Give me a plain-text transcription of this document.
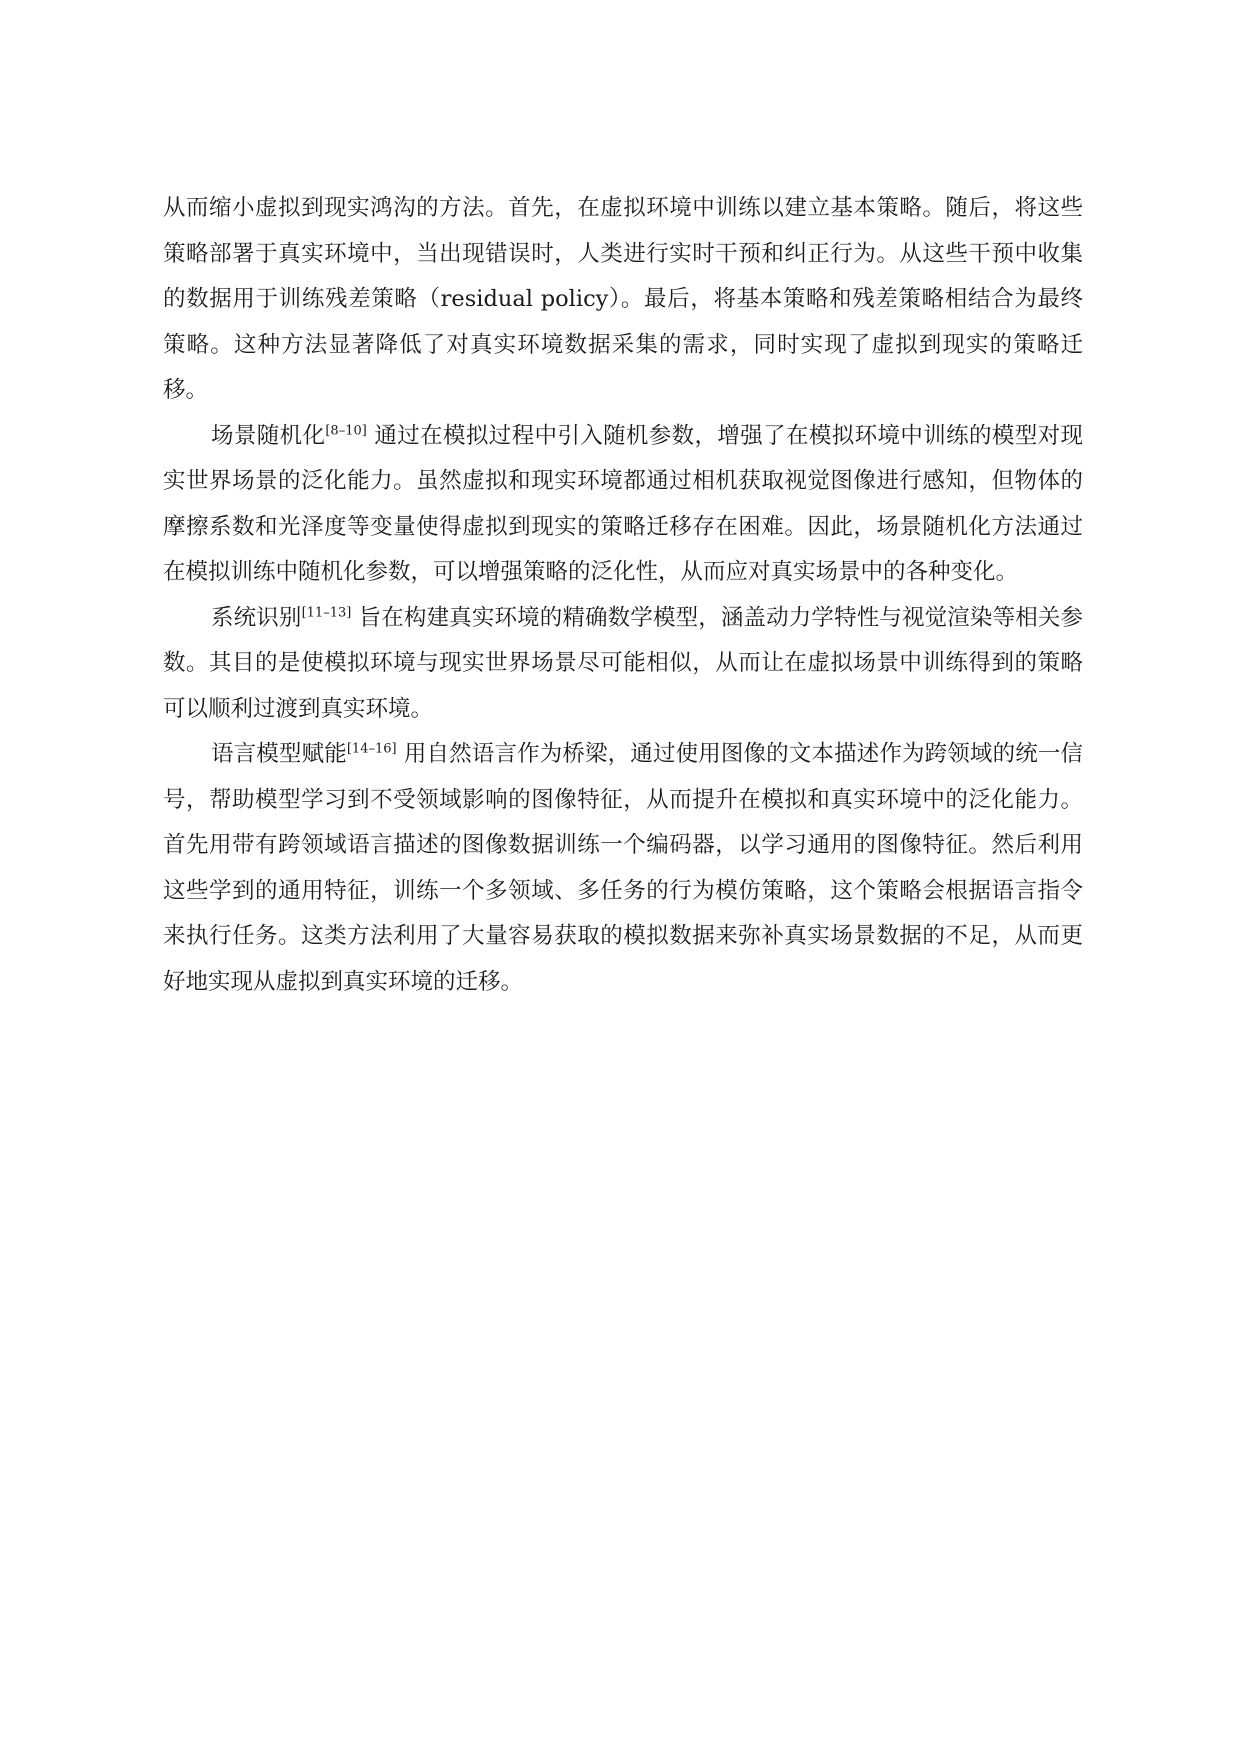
从而缩小虚拟到现实鸿沟的方法。首先，在虚拟环境中训练以建立基本策略。随后，将这些策略部署于真实环境中，当出现错误时，人类进行实时干预和纠正行为。从这些干预中收集的数据用于训练残差策略（residual policy）。最后，将基本策略和残差策略相结合为最终策略。这种方法显著降低了对真实环境数据采集的需求，同时实现了虚拟到现实的策略迁移。

场景随机化[8–10] 通过在模拟过程中引入随机参数，增强了在模拟环境中训练的模型对现实世界场景的泛化能力。虽然虚拟和现实环境都通过相机获取视觉图像进行感知，但物体的摩擦系数和光泽度等变量使得虚拟到现实的策略迁移存在困难。因此，场景随机化方法通过在模拟训练中随机化参数，可以增强策略的泛化性，从而应对真实场景中的各种变化。

系统识别[11–13] 旨在构建真实环境的精确数学模型，涵盖动力学特性与视觉渲染等相关参数。其目的是使模拟环境与现实世界场景尽可能相似，从而让在虚拟场景中训练得到的策略可以顺利过渡到真实环境。

语言模型赋能[14–16] 用自然语言作为桥梁，通过使用图像的文本描述作为跨领域的统一信号，帮助模型学习到不受领域影响的图像特征，从而提升在模拟和真实环境中的泛化能力。首先用带有跨领域语言描述的图像数据训练一个编码器，以学习通用的图像特征。然后利用这些学到的通用特征，训练一个多领域、多任务的行为模仿策略，这个策略会根据语言指令来执行任务。这类方法利用了大量容易获取的模拟数据来弥补真实场景数据的不足，从而更好地实现从虚拟到真实环境的迁移。
